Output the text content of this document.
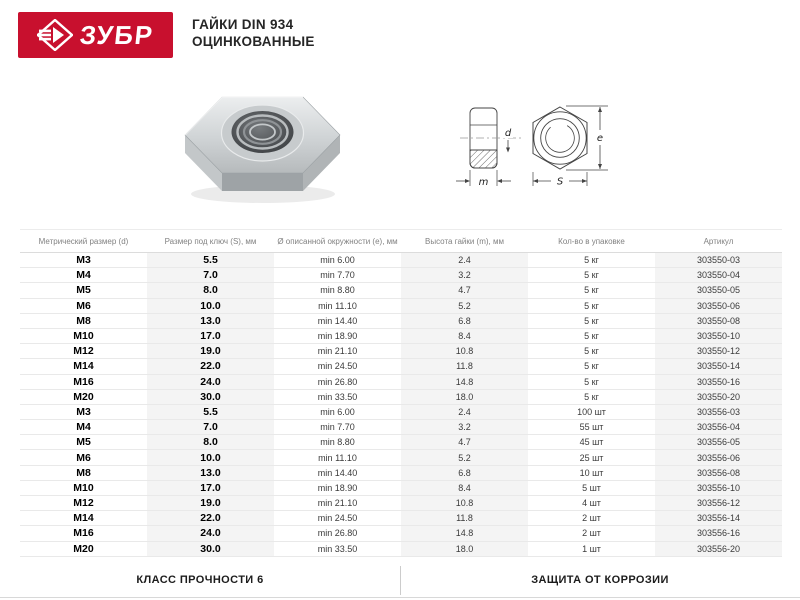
ЗУБР	ГАЙКИ DIN 934
ОЦИНКОВАННЫЕ
d
m
e
S
Метрический размер (d)	Размер под ключ (S), мм	Ø описанной окружности (e), мм	Высота гайки (m), мм	Кол-во в упаковке	Артикул
M3	5.5	min 6.00	2.4	5 кг	303550-03
M4	7.0	min 7.70	3.2	5 кг	303550-04
M5	8.0	min 8.80	4.7	5 кг	303550-05
M6	10.0	min 11.10	5.2	5 кг	303550-06
M8	13.0	min 14.40	6.8	5 кг	303550-08
M10	17.0	min 18.90	8.4	5 кг	303550-10
M12	19.0	min 21.10	10.8	5 кг	303550-12
M14	22.0	min 24.50	11.8	5 кг	303550-14
M16	24.0	min 26.80	14.8	5 кг	303550-16
M20	30.0	min 33.50	18.0	5 кг	303550-20
M3	5.5	min 6.00	2.4	100 шт	303556-03
M4	7.0	min 7.70	3.2	55 шт	303556-04
M5	8.0	min 8.80	4.7	45 шт	303556-05
M6	10.0	min 11.10	5.2	25 шт	303556-06
M8	13.0	min 14.40	6.8	10 шт	303556-08
M10	17.0	min 18.90	8.4	5 шт	303556-10
M12	19.0	min 21.10	10.8	4 шт	303556-12
M14	22.0	min 24.50	11.8	2 шт	303556-14
M16	24.0	min 26.80	14.8	2 шт	303556-16
M20	30.0	min 33.50	18.0	1 шт	303556-20
КЛАСС ПРОЧНОСТИ 6	ЗАЩИТА ОТ КОРРОЗИИ
